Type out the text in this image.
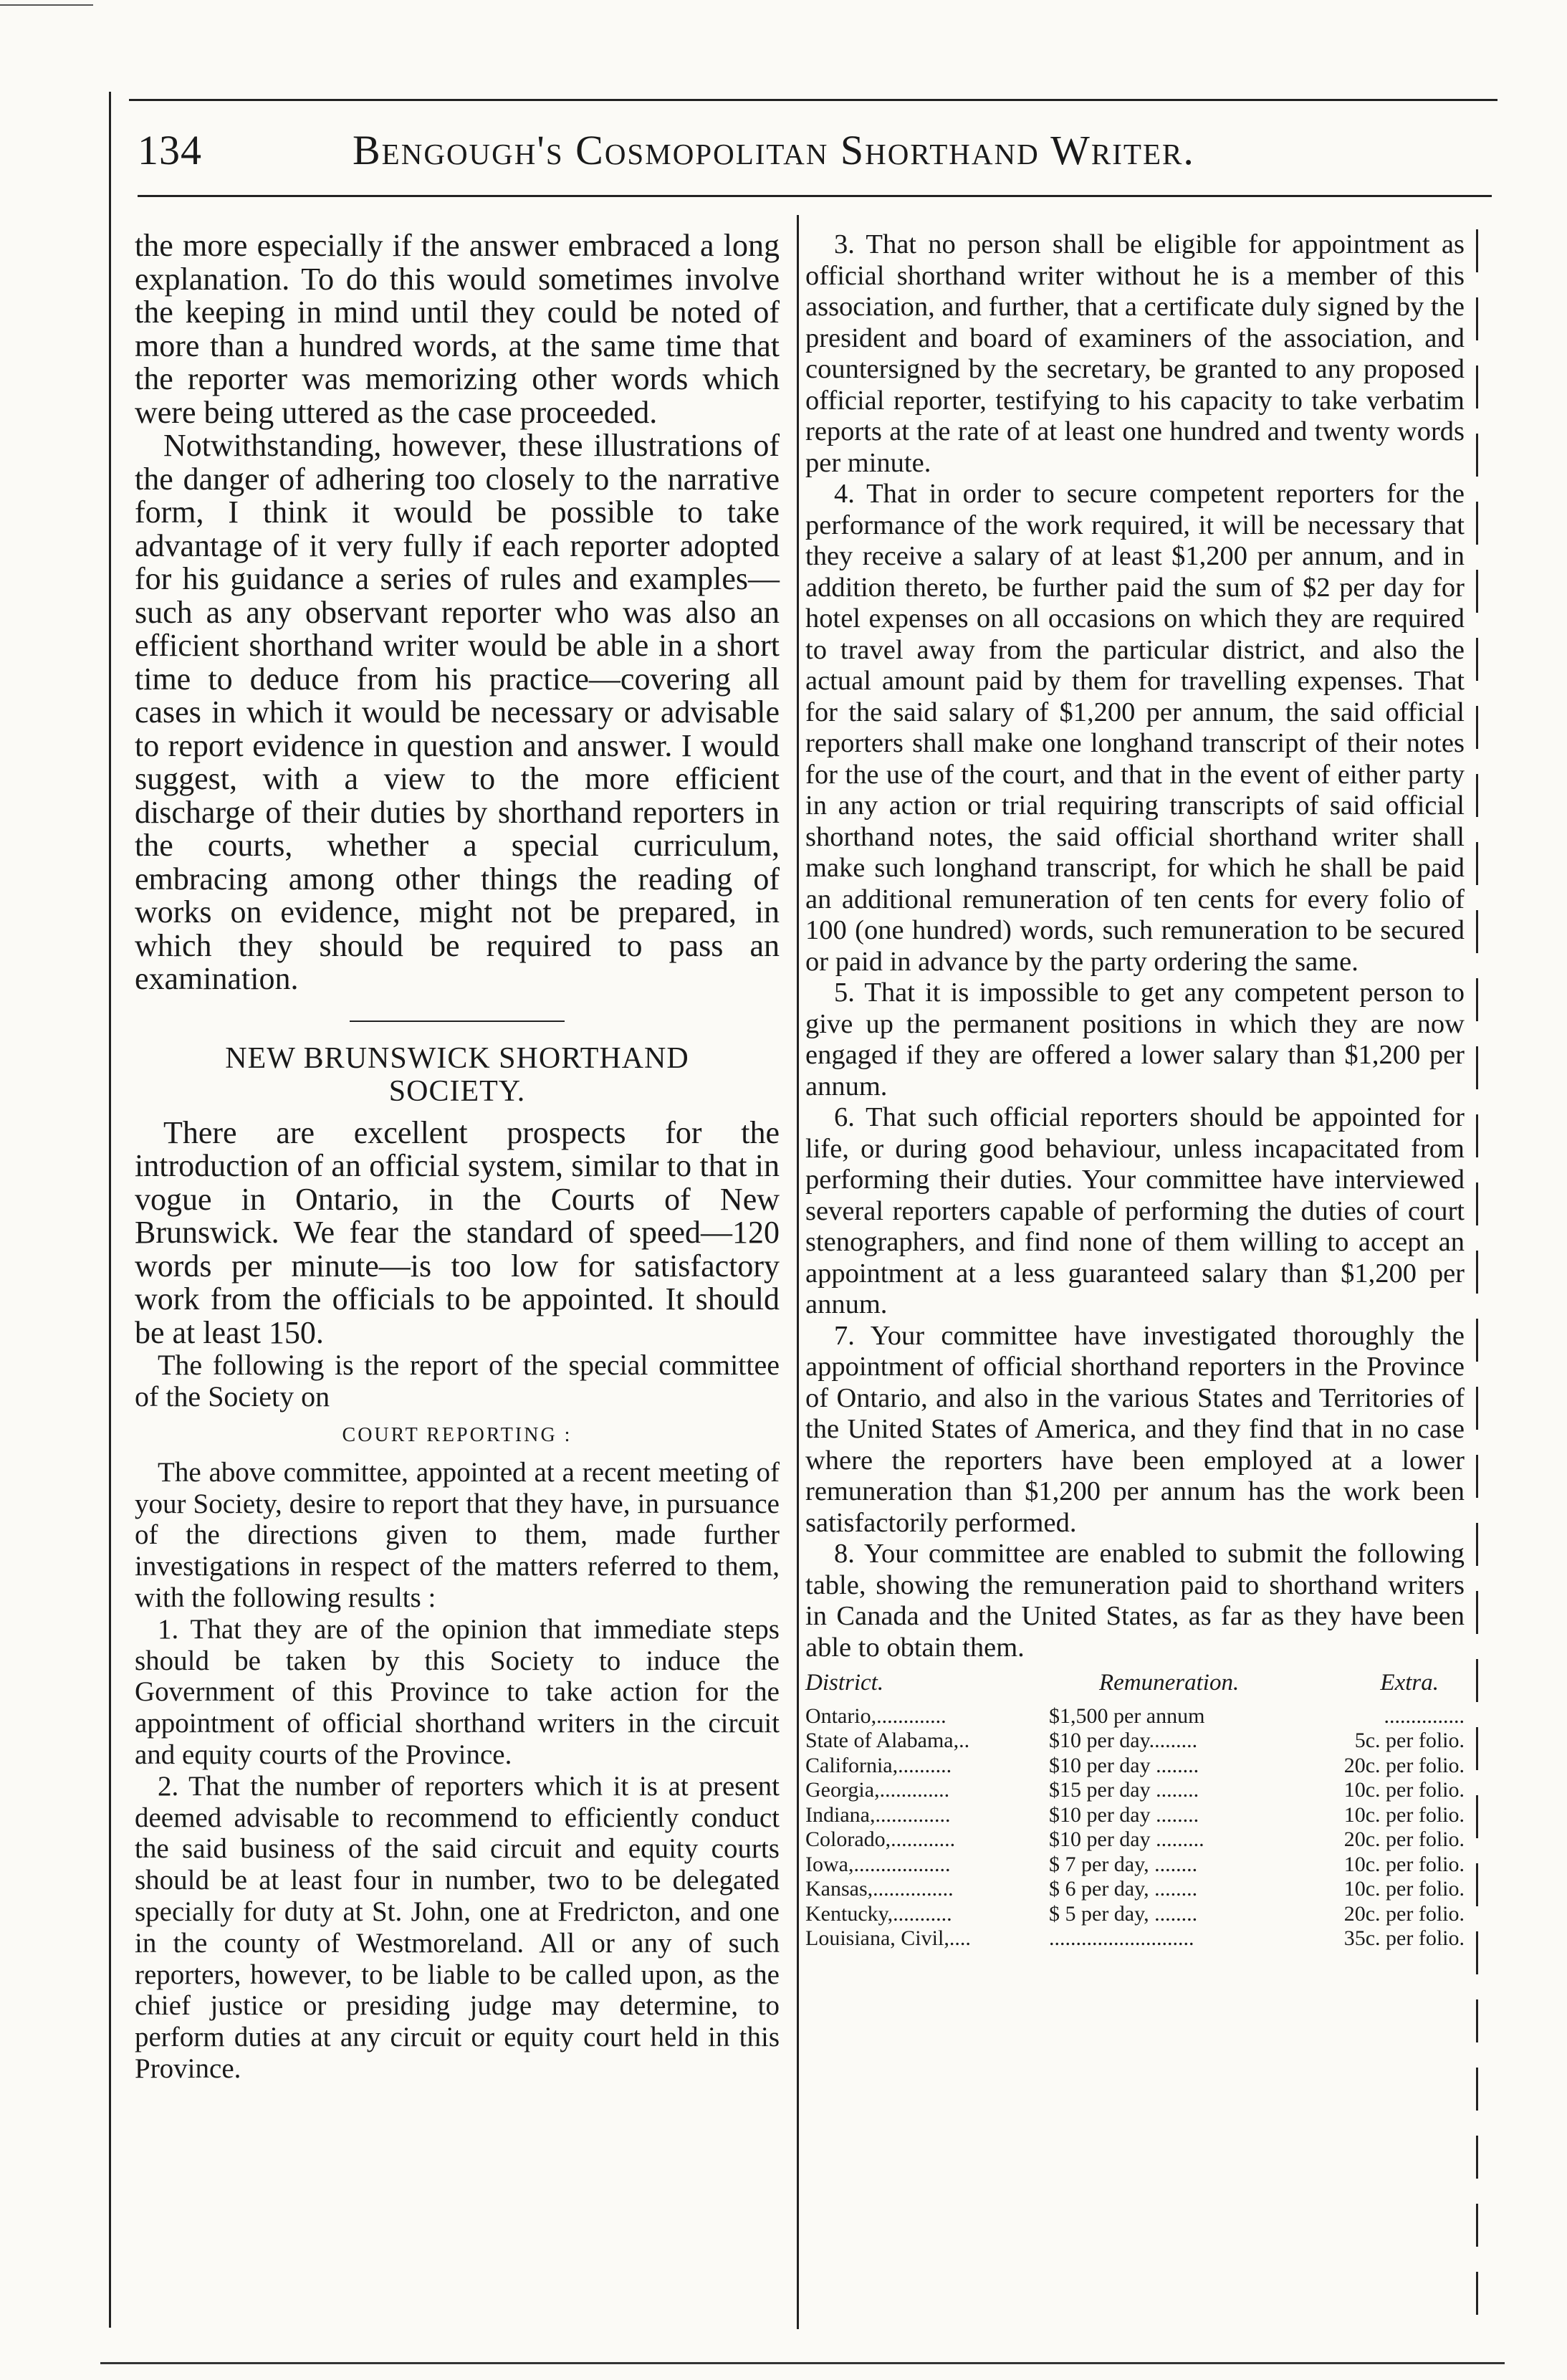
134	Bengough's Cosmopolitan Shorthand Writer.

the more especially if the answer embraced a long explanation. To do this would sometimes involve the keeping in mind until they could be noted of more than a hundred words, at the same time that the reporter was memorizing other words which were being uttered as the case proceeded.

Notwithstanding, however, these illustrations of the danger of adhering too closely to the narrative form, I think it would be possible to take advantage of it very fully if each reporter adopted for his guidance a series of rules and examples—such as any observant reporter who was also an efficient shorthand writer would be able in a short time to deduce from his practice—covering all cases in which it would be necessary or advisable to report evidence in question and answer. I would suggest, with a view to the more efficient discharge of their duties by shorthand reporters in the courts, whether a special curriculum, embracing among other things the reading of works on evidence, might not be prepared, in which they should be required to pass an examination.

NEW BRUNSWICK SHORTHAND
SOCIETY.

There are excellent prospects for the introduction of an official system, similar to that in vogue in Ontario, in the Courts of New Brunswick. We fear the standard of speed—120 words per minute—is too low for satisfactory work from the officials to be appointed. It should be at least 150.

The following is the report of the special committee of the Society on

COURT REPORTING :

The above committee, appointed at a recent meeting of your Society, desire to report that they have, in pursuance of the directions given to them, made further investigations in respect of the matters referred to them, with the following results :

1. That they are of the opinion that immediate steps should be taken by this Society to induce the Government of this Province to take action for the appointment of official shorthand writers in the circuit and equity courts of the Province.

2. That the number of reporters which it is at present deemed advisable to recommend to efficiently conduct the said business of the said circuit and equity courts should be at least four in number, two to be delegated specially for duty at St. John, one at Fredricton, and one in the county of Westmoreland. All or any of such reporters, however, to be liable to be called upon, as the chief justice or presiding judge may determine, to perform duties at any circuit or equity court held in this Province.

3. That no person shall be eligible for appointment as official shorthand writer without he is a member of this association, and further, that a certificate duly signed by the president and board of examiners of the association, and countersigned by the secretary, be granted to any proposed official reporter, testifying to his capacity to take verbatim reports at the rate of at least one hundred and twenty words per minute.

4. That in order to secure competent reporters for the performance of the work required, it will be necessary that they receive a salary of at least $1,200 per annum, and in addition thereto, be further paid the sum of $2 per day for hotel expenses on all occasions on which they are required to travel away from the particular district, and also the actual amount paid by them for travelling expenses. That for the said salary of $1,200 per annum, the said official reporters shall make one longhand transcript of their notes for the use of the court, and that in the event of either party in any action or trial requiring transcripts of said official shorthand notes, the said official shorthand writer shall make such longhand transcript, for which he shall be paid an additional remuneration of ten cents for every folio of 100 (one hundred) words, such remuneration to be secured or paid in advance by the party ordering the same.

5. That it is impossible to get any competent person to give up the permanent positions in which they are now engaged if they are offered a lower salary than $1,200 per annum.

6. That such official reporters should be appointed for life, or during good behaviour, unless incapacitated from performing their duties. Your committee have interviewed several reporters capable of performing the duties of court stenographers, and find none of them willing to accept an appointment at a less guaranteed salary than $1,200 per annum.

7. Your committee have investigated thoroughly the appointment of official shorthand reporters in the Province of Ontario, and also in the various States and Territories of the United States of America, and they find that in no case where the reporters have been employed at a lower remuneration than $1,200 per annum has the work been satisfactorily performed.

8. Your committee are enabled to submit the following table, showing the remuneration paid to shorthand writers in Canada and the United States, as far as they have been able to obtain them.

District.	Remuneration.	Extra.
Ontario,.............	$1,500 per annum	...............
State of Alabama,..	$10 per day.........	5c. per folio.
California,..........	$10 per day ........	20c. per folio.
Georgia,.............	$15 per day ........	10c. per folio.
Indiana,..............	$10 per day ........	10c. per folio.
Colorado,............	$10 per day .........	20c. per folio.
Iowa,..................	$ 7 per day, ........	10c. per folio.
Kansas,...............	$ 6 per day, ........	10c. per folio.
Kentucky,...........	$ 5 per day, ........	20c. per folio.
Louisiana, Civil,....	...........................	35c. per folio.
